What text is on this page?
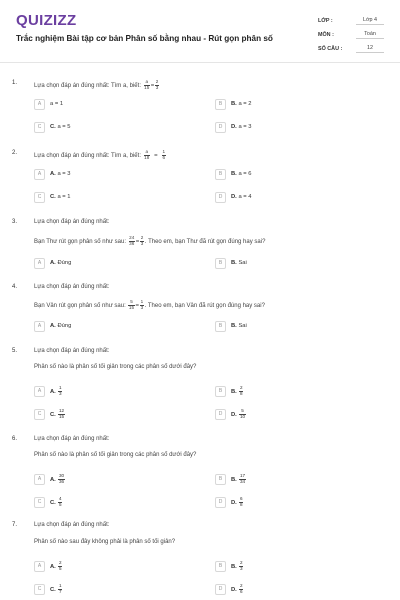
QUIZIZZ
Trắc nghiệm Bài tập cơ bản Phân số bằng nhau - Rút gọn phân số
LỚP :	Lớp 4
MÔN :	Toán
SỐ CÂU :	12
1.	Lựa chọn đáp án đúng nhất: Tìm a, biết: $\frac{a}{15} = \frac{2}{3}$
A	a = 1	B	B. a = 2
C	C. a = 5	D	D. a = 3
2.	Lựa chọn đáp án đúng nhất: Tìm a, biết: $\frac{a}{18} = \frac{1}{6}$
A	A. a = 3	B	B. a = 6
C	C. a = 1	D	D. a = 4
3.	Lựa chọn đáp án đúng nhất:
Bạn Thư rút gọn phân số như sau: $\frac{24}{36} = \frac{2}{3}$ . Theo em, bạn Thư đã rút gọn đúng hay sai?
A	A. Đúng	B	B. Sai
4.	Lựa chọn đáp án đúng nhất:
Bạn Vân rút gọn phân số như sau: $\frac{5}{15} = \frac{1}{3}$ . Theo em, bạn Vân đã rút gọn đúng hay sai?
A	A. Đúng	B	B. Sai
5.	Lựa chọn đáp án đúng nhất:
Phân số nào là phân số tối giản trong các phân số dưới đây?
A	A. $\frac{1}{3}$	B	B. $\frac{2}{8}$
C	C. $\frac{12}{15}$	D	D. $\frac{5}{10}$
6.	Lựa chọn đáp án đúng nhất:
Phân số nào là phân số tối giản trong các phân số dưới đây?
A	A. $\frac{30}{36}$	B	B. $\frac{17}{34}$
C	C. $\frac{4}{5}$	D	D. $\frac{6}{8}$
7.	Lựa chọn đáp án đúng nhất:
Phân số nào sau đây không phải là phân số tối giản?
A	A. $\frac{2}{5}$	B	B. $\frac{2}{3}$
C	C. $\frac{1}{7}$	D	D. $\frac{2}{6}$
